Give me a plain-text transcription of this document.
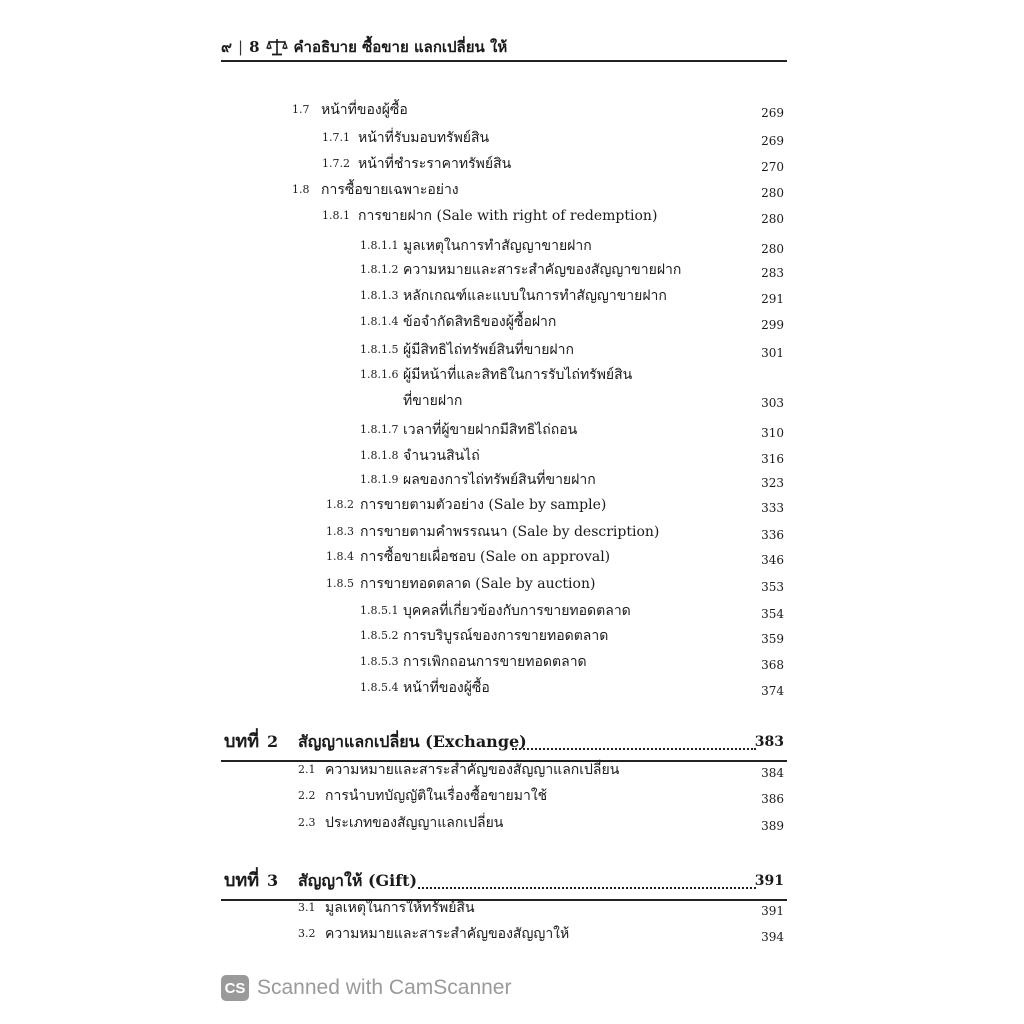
๙ | 8 คำอธิบาย ซื้อขาย แลกเปลี่ยน ให้
1.7 หน้าที่ของผู้ซื้อ	269
1.7.1 หน้าที่รับมอบทรัพย์สิน	269
1.7.2 หน้าที่ชำระราคาทรัพย์สิน	270
1.8 การซื้อขายเฉพาะอย่าง	280
1.8.1 การขายฝาก (Sale with right of redemption)	280
1.8.1.1 มูลเหตุในการทำสัญญาขายฝาก	280
1.8.1.2 ความหมายและสาระสำคัญของสัญญาขายฝาก	283
1.8.1.3 หลักเกณฑ์และแบบในการทำสัญญาขายฝาก	291
1.8.1.4 ข้อจำกัดสิทธิของผู้ซื้อฝาก	299
1.8.1.5 ผู้มีสิทธิไถ่ทรัพย์สินที่ขายฝาก	301
1.8.1.6 ผู้มีหน้าที่และสิทธิในการรับไถ่ทรัพย์สิน
ที่ขายฝาก	303
1.8.1.7 เวลาที่ผู้ขายฝากมีสิทธิไถ่ถอน	310
1.8.1.8 จำนวนสินไถ่	316
1.8.1.9 ผลของการไถ่ทรัพย์สินที่ขายฝาก	323
1.8.2 การขายตามตัวอย่าง (Sale by sample)	333
1.8.3 การขายตามคำพรรณนา (Sale by description)	336
1.8.4 การซื้อขายเผื่อชอบ (Sale on approval)	346
1.8.5 การขายทอดตลาด (Sale by auction)	353
1.8.5.1 บุคคลที่เกี่ยวข้องกับการขายทอดตลาด	354
1.8.5.2 การบริบูรณ์ของการขายทอดตลาด	359
1.8.5.3 การเพิกถอนการขายทอดตลาด	368
1.8.5.4 หน้าที่ของผู้ซื้อ	374
บทที่ 2 สัญญาแลกเปลี่ยน (Exchange)	383
2.1 ความหมายและสาระสำคัญของสัญญาแลกเปลี่ยน	384
2.2 การนำบทบัญญัติในเรื่องซื้อขายมาใช้	386
2.3 ประเภทของสัญญาแลกเปลี่ยน	389
บทที่ 3 สัญญาให้ (Gift)	391
3.1 มูลเหตุในการให้ทรัพย์สิน	391
3.2 ความหมายและสาระสำคัญของสัญญาให้	394
CS Scanned with CamScanner
